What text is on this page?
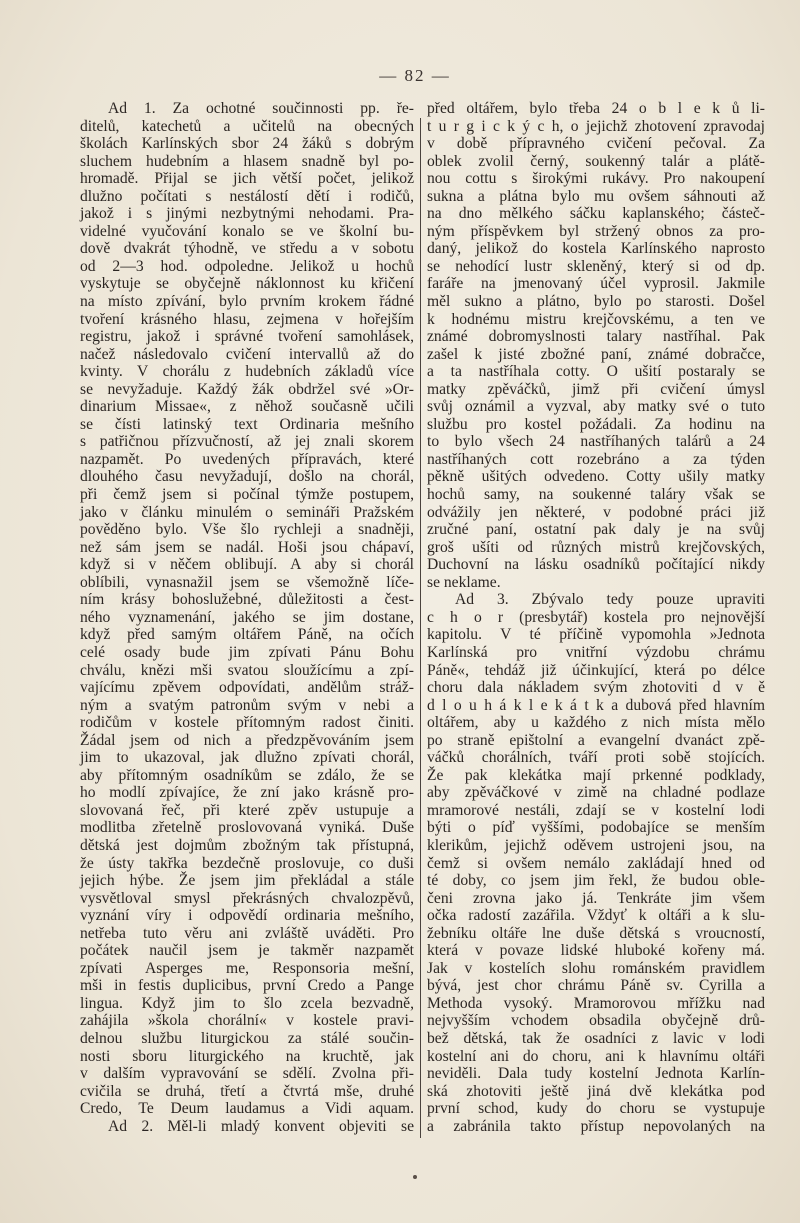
— 82 —
Ad 1. Za ochotné součinnosti pp. ře-
ditelů, katechetů a učitelů na obecných
školách Karlínských sbor 24 žáků s dobrým
sluchem hudebním a hlasem snadně byl po-
hromadě. Přijal se jich větší počet, jelikož
dlužno počítati s nestálostí dětí i rodičů,
jakož i s jinými nezbytnými nehodami. Pra-
videlné vyučování konalo se ve školní bu-
dově dvakrát týhodně, ve středu a v sobotu
od 2—3 hod. odpoledne. Jelikož u hochů
vyskytuje se obyčejně náklonnost ku křičení
na místo zpívání, bylo prvním krokem řádné
tvoření krásného hlasu, zejmena v hořejším
registru, jakož i správné tvoření samohlásek,
načež následovalo cvičení intervallů až do
kvinty. V chorálu z hudebních základů více
se nevyžaduje. Každý žák obdržel své »Or-
dinarium Missae«, z něhož současně učili
se čísti latinský text Ordinaria mešního
s patřičnou přízvučností, až jej znali skorem
nazpamět. Po uvedených přípravách, které
dlouhého času nevyžadují, došlo na chorál,
při čemž jsem si počínal týmže postupem,
jako v článku minulém o semináři Pražském
pověděno bylo. Vše šlo rychleji a snadněji,
než sám jsem se nadál. Hoši jsou chápaví,
když si v něčem oblibují. A aby si chorál
oblíbili, vynasnažil jsem se všemožně líče-
ním krásy bohoslužebné, důležitosti a čest-
ného vyznamenání, jakého se jim dostane,
když před samým oltářem Páně, na očích
celé osady bude jim zpívati Pánu Bohu
chválu, knězi mši svatou sloužícímu a zpí-
vajícímu zpěvem odpovídati, andělům stráž-
ným a svatým patronům svým v nebi a
rodičům v kostele přítomným radost činiti.
Žádal jsem od nich a předzpěvováním jsem
jim to ukazoval, jak dlužno zpívati chorál,
aby přítomným osadníkům se zdálo, že se
ho modlí zpívajíce, že zní jako krásně pro-
slovovaná řeč, při které zpěv ustupuje a
modlitba zřetelně proslovovaná vyniká. Duše
dětská jest dojmům zbožným tak přístupná,
že ústy takřka bezdečně proslovuje, co duši
jejich hýbe. Že jsem jim překládal a stále
vysvětloval smysl překrásných chvalozpěvů,
vyznání víry i odpovědí ordinaria mešního,
netřeba tuto věru ani zvláště uváděti. Pro
počátek naučil jsem je takměr nazpamět
zpívati Asperges me, Responsoria mešní,
mši in festis duplicibus, první Credo a Pange
lingua. Když jim to šlo zcela bezvadně,
zahájila »škola chorální« v kostele pravi-
delnou službu liturgickou za stálé součin-
nosti sboru liturgického na kruchtě, jak
v dalším vypravování se sdělí. Zvolna při-
cvičila se druhá, třetí a čtvrtá mše, druhé
Credo, Te Deum laudamus a Vidi aquam.
Ad 2. Měl-li mladý konvent objeviti se
před oltářem, bylo třeba 24 o b l e k ů li-
t u r g i c k ý c h, o jejichž zhotovení zpravodaj
v době přípravného cvičení pečoval. Za
oblek zvolil černý, soukenný talár a plátě-
nou cottu s širokými rukávy. Pro nakoupení
sukna a plátna bylo mu ovšem sáhnouti až
na dno mělkého sáčku kaplanského; částeč-
ným příspěvkem byl stržený obnos za pro-
daný, jelikož do kostela Karlínského naprosto
se nehodící lustr skleněný, který si od dp.
faráře na jmenovaný účel vyprosil. Jakmile
měl sukno a plátno, bylo po starosti. Došel
k hodnému mistru krejčovskému, a ten ve
známé dobromyslnosti talary nastříhal. Pak
zašel k jisté zbožné paní, známé dobračce,
a ta nastříhala cotty. O ušití postaraly se
matky zpěváčků, jimž při cvičení úmysl
svůj oznámil a vyzval, aby matky své o tuto
službu pro kostel požádali. Za hodinu na
to bylo všech 24 nastříhaných talárů a 24
nastříhaných cott rozebráno a za týden
pěkně ušitých odvedeno. Cotty ušily matky
hochů samy, na soukenné taláry však se
odvážily jen některé, v podobné práci již
zručné paní, ostatní pak daly je na svůj
groš ušíti od různých mistrů krejčovských,
Duchovní na lásku osadníků počítající nikdy
se neklame.
Ad 3. Zbývalo tedy pouze upraviti
c h o r (presbytář) kostela pro nejnovější
kapitolu. V té příčině vypomohla »Jednota
Karlínská pro vnitřní výzdobu chrámu
Páně«, tehdáž již účinkující, která po délce
choru dala nákladem svým zhotoviti d v ě
d l o u h á k l e k á t k a dubová před hlavním
oltářem, aby u každého z nich místa mělo
po straně epištolní a evangelní dvanáct zpě-
váčků chorálních, tváří proti sobě stojících.
Že pak klekátka mají prkenné podklady,
aby zpěváčkové v zimě na chladné podlaze
mramorové nestáli, zdají se v kostelní lodi
býti o píď vyššími, podobajíce se menším
klerikům, jejichž oděvem ustrojeni jsou, na
čemž si ovšem nemálo zakládají hned od
té doby, co jsem jim řekl, že budou oble-
čeni zrovna jako já. Tenkráte jim všem
očka radostí zazářila. Vždyť k oltáři a k slu-
žebníku oltáře lne duše dětská s vroucností,
která v povaze lidské hluboké kořeny má.
Jak v kostelích slohu románském pravidlem
bývá, jest chor chrámu Páně sv. Cyrilla a
Methoda vysoký. Mramorovou mřížku nad
nejvyšším vchodem obsadila obyčejně drů-
bež dětská, tak že osadníci z lavic v lodi
kostelní ani do choru, ani k hlavnímu oltáři
neviděli. Dala tudy kostelní Jednota Karlín-
ská zhotoviti ještě jiná dvě klekátka pod
první schod, kudy do choru se vystupuje
a zabránila takto přístup nepovolaných na
